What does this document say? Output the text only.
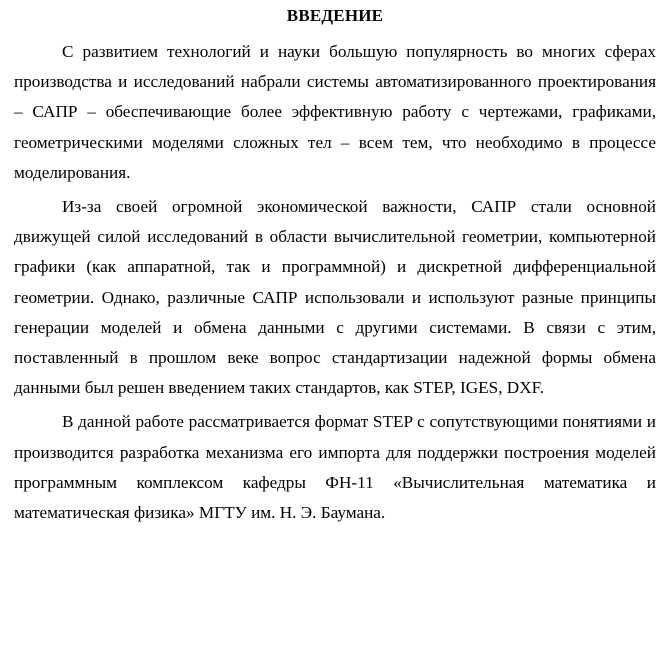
ВВЕДЕНИЕ

С развитием технологий и науки большую популярность во многих сферах производства и исследований набрали системы автоматизированного проектирования – САПР – обеспечивающие более эффективную работу с чертежами, графиками, геометрическими моделями сложных тел – всем тем, что необходимо в процессе моделирования.

Из-за своей огромной экономической важности, САПР стали основной движущей силой исследований в области вычислительной геометрии, компьютерной графики (как аппаратной, так и программной) и дискретной дифференциальной геометрии. Однако, различные САПР использовали и используют разные принципы генерации моделей и обмена данными с другими системами. В связи с этим, поставленный в прошлом веке вопрос стандартизации надежной формы обмена данными был решен введением таких стандартов, как STEP, IGES, DXF.

В данной работе рассматривается формат STEP с сопутствующими понятиями и производится разработка механизма его импорта для поддержки построения моделей программным комплексом кафедры ФН-11 «Вычислительная математика и математическая физика» МГТУ им. Н. Э. Баумана.
